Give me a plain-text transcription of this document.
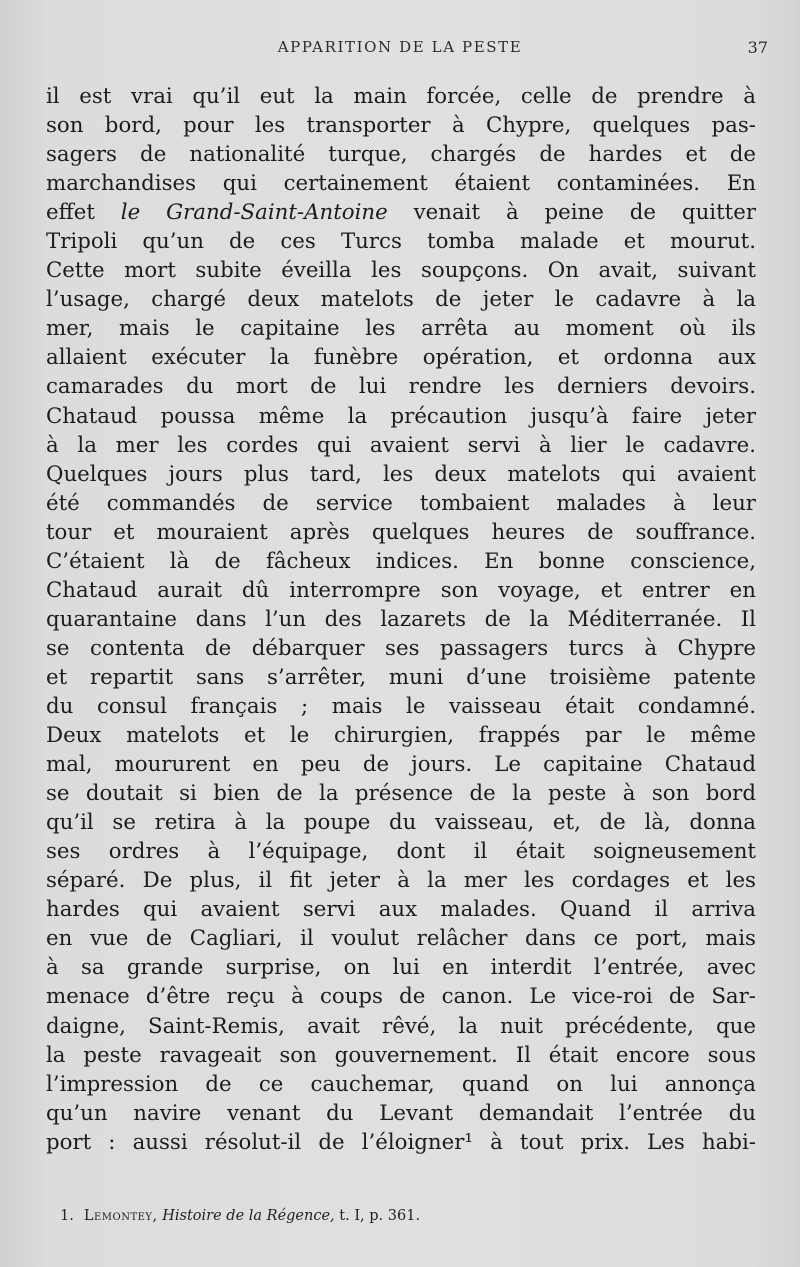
APPARITION DE LA PESTE	37
il est vrai qu’il eut la main forcée, celle de prendre à
son bord, pour les transporter à Chypre, quelques pas-
sagers de nationalité turque, chargés de hardes et de
marchandises qui certainement étaient contaminées. En
effet le Grand-Saint-Antoine venait à peine de quitter
Tripoli qu’un de ces Turcs tomba malade et mourut.
Cette mort subite éveilla les soupçons. On avait, suivant
l’usage, chargé deux matelots de jeter le cadavre à la
mer, mais le capitaine les arrêta au moment où ils
allaient exécuter la funèbre opération, et ordonna aux
camarades du mort de lui rendre les derniers devoirs.
Chataud poussa même la précaution jusqu’à faire jeter
à la mer les cordes qui avaient servi à lier le cadavre.
Quelques jours plus tard, les deux matelots qui avaient
été commandés de service tombaient malades à leur
tour et mouraient après quelques heures de souffrance.
C’étaient là de fâcheux indices. En bonne conscience,
Chataud aurait dû interrompre son voyage, et entrer en
quarantaine dans l’un des lazarets de la Méditerranée. Il
se contenta de débarquer ses passagers turcs à Chypre
et repartit sans s’arrêter, muni d’une troisième patente
du consul français ; mais le vaisseau était condamné.
Deux matelots et le chirurgien, frappés par le même
mal, moururent en peu de jours. Le capitaine Chataud
se doutait si bien de la présence de la peste à son bord
qu’il se retira à la poupe du vaisseau, et, de là, donna
ses ordres à l’équipage, dont il était soigneusement
séparé. De plus, il fit jeter à la mer les cordages et les
hardes qui avaient servi aux malades. Quand il arriva
en vue de Cagliari, il voulut relâcher dans ce port, mais
à sa grande surprise, on lui en interdit l’entrée, avec
menace d’être reçu à coups de canon. Le vice-roi de Sar-
daigne, Saint-Remis, avait rêvé, la nuit précédente, que
la peste ravageait son gouvernement. Il était encore sous
l’impression de ce cauchemar, quand on lui annonça
qu’un navire venant du Levant demandait l’entrée du
port : aussi résolut-il de l’éloigner¹ à tout prix. Les habi-
1. Lemontey, Histoire de la Régence, t. I, p. 361.
